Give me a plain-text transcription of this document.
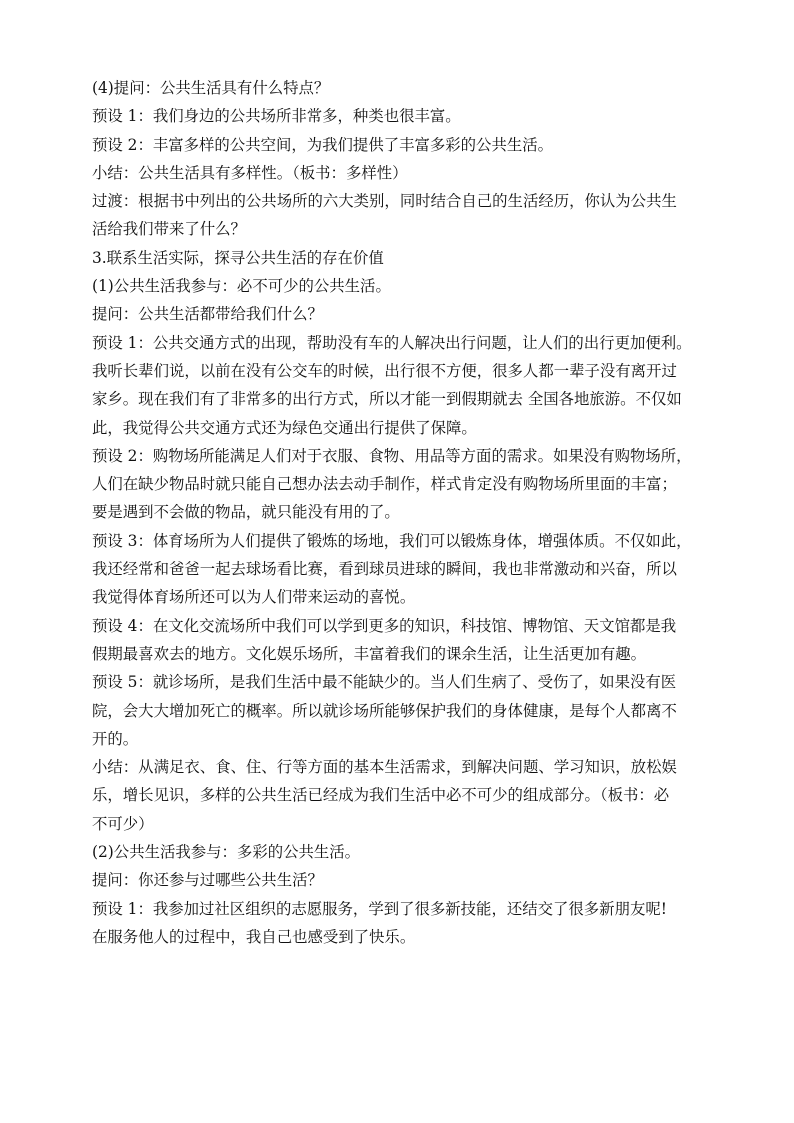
(4)提问：公共生活具有什么特点？

预设 1：我们身边的公共场所非常多，种类也很丰富。

预设 2：丰富多样的公共空间，为我们提供了丰富多彩的公共生活。

小结：公共生活具有多样性。（板书：多样性）

过渡：根据书中列出的公共场所的六大类别，同时结合自己的生活经历，你认为公共生

活给我们带来了什么？

3.联系生活实际，探寻公共生活的存在价值

(1)公共生活我参与：必不可少的公共生活。

提问：公共生活都带给我们什么？

预设 1：公共交通方式的出现，帮助没有车的人解决出行问题，让人们的出行更加便利。

我听长辈们说，以前在没有公交车的时候，出行很不方便，很多人都一辈子没有离开过

家乡。现在我们有了非常多的出行方式，所以才能一到假期就去 全国各地旅游。不仅如

此，我觉得公共交通方式还为绿色交通出行提供了保障。

预设 2：购物场所能满足人们对于衣服、食物、用品等方面的需求。如果没有购物场所，

人们在缺少物品时就只能自己想办法去动手制作，样式肯定没有购物场所里面的丰富；

要是遇到不会做的物品，就只能没有用的了。

预设 3：体育场所为人们提供了锻炼的场地，我们可以锻炼身体，增强体质。不仅如此，

我还经常和爸爸一起去球场看比赛，看到球员进球的瞬间，我也非常激动和兴奋，所以

我觉得体育场所还可以为人们带来运动的喜悦。

预设 4：在文化交流场所中我们可以学到更多的知识，科技馆、博物馆、天文馆都是我

假期最喜欢去的地方。文化娱乐场所，丰富着我们的课余生活，让生活更加有趣。

预设 5：就诊场所，是我们生活中最不能缺少的。当人们生病了、受伤了，如果没有医

院，会大大增加死亡的概率。所以就诊场所能够保护我们的身体健康，是每个人都离不

开的。

小结：从满足衣、食、住、行等方面的基本生活需求，到解决问题、学习知识，放松娱

乐，增长见识，多样的公共生活已经成为我们生活中必不可少的组成部分。（板书：必

不可少）

(2)公共生活我参与：多彩的公共生活。

提问：你还参与过哪些公共生活？

预设 1：我参加过社区组织的志愿服务，学到了很多新技能，还结交了很多新朋友呢!

在服务他人的过程中，我自己也感受到了快乐。
